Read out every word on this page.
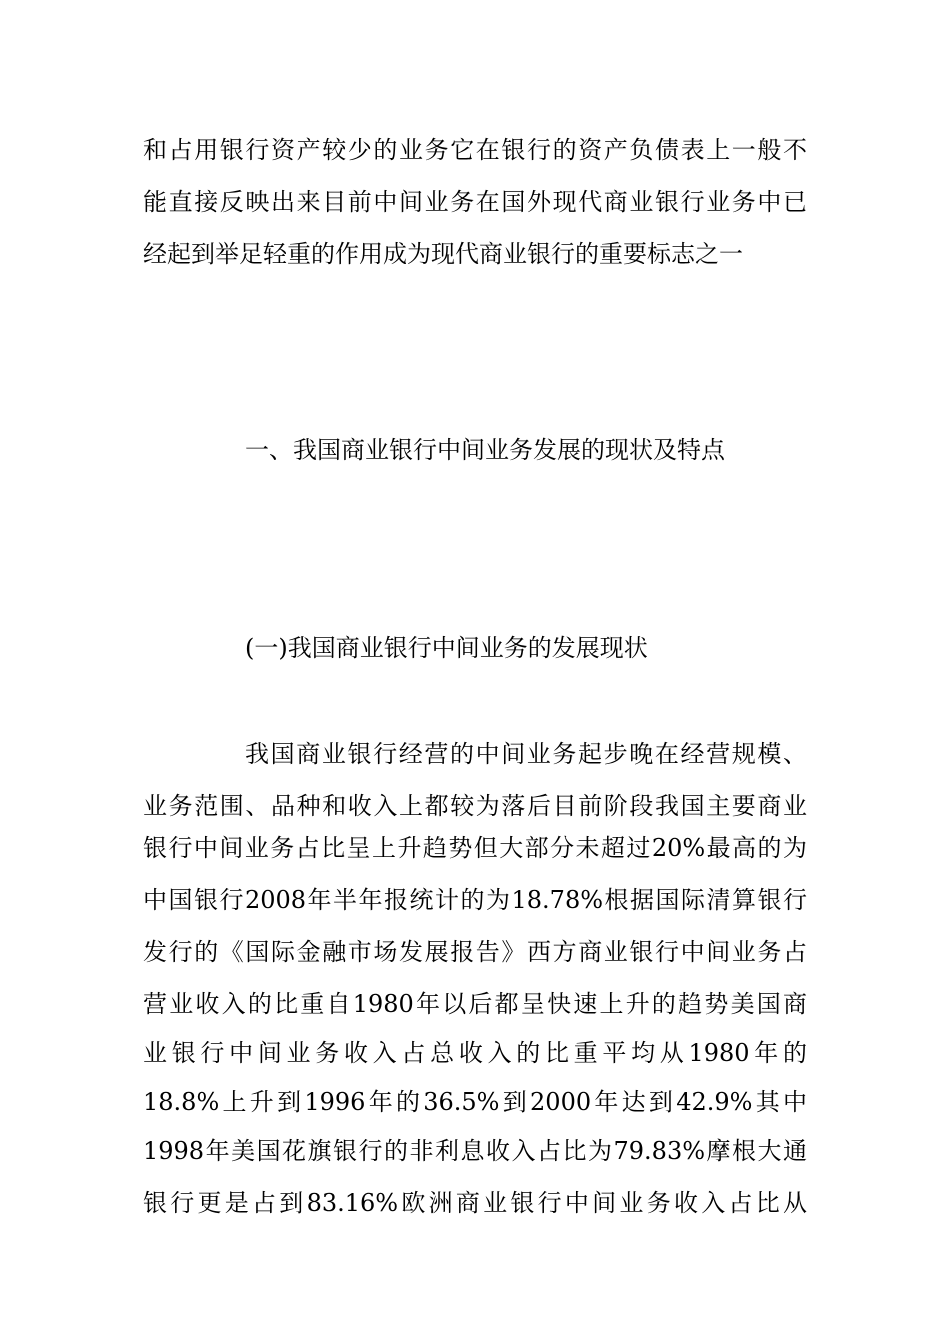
和占用银行资产较少的业务它在银行的资产负债表上一般不
能直接反映出来目前中间业务在国外现代商业银行业务中已
经起到举足轻重的作用成为现代商业银行的重要标志之一
一、我国商业银行中间业务发展的现状及特点
(一)我国商业银行中间业务的发展现状
我国商业银行经营的中间业务起步晚在经营规模、
业务范围、品种和收入上都较为落后目前阶段我国主要商业
银行中间业务占比呈上升趋势但大部分未超过20%最高的为
中国银行2008年半年报统计的为18.78%根据国际清算银行
发行的《国际金融市场发展报告》西方商业银行中间业务占
营业收入的比重自1980年以后都呈快速上升的趋势美国商
业银行中间业务收入占总收入的比重平均从1980年的
18.8%上升到1996年的36.5%到2000年达到42.9%其中
1998年美国花旗银行的非利息收入占比为79.83%摩根大通
银行更是占到83.16%欧洲商业银行中间业务收入占比从
